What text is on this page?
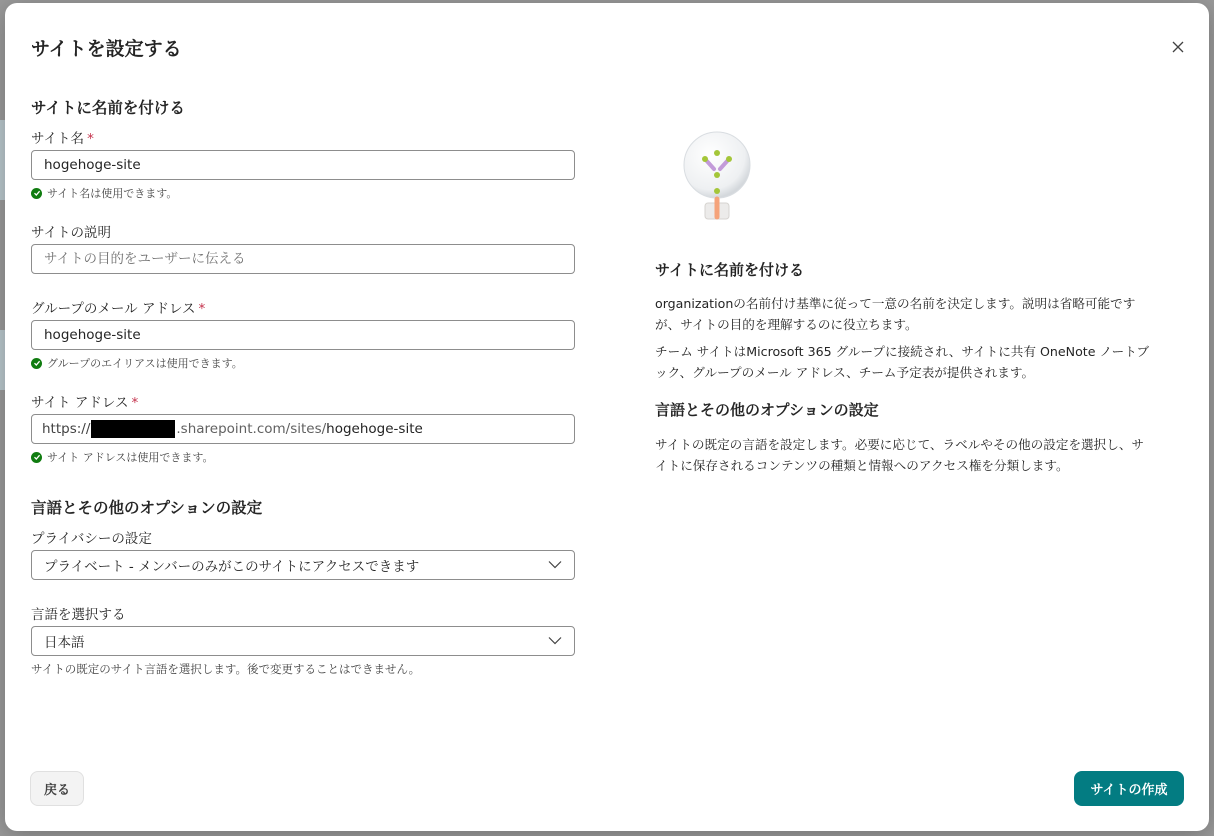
サイトを設定する
サイトに名前を付ける
サイト名 *
hogehoge-site
サイト名は使用できます。
サイトの説明
サイトの目的をユーザーに伝える
グループのメール アドレス *
hogehoge-site
グループのエイリアスは使用できます。
サイト アドレス *
https://	.sharepoint.com/sites/ hogehoge-site
サイト アドレスは使用できます。
言語とその他のオプションの設定
プライバシーの設定
プライベート - メンバーのみがこのサイトにアクセスできます
言語を選択する
日本語
サイトの既定のサイト言語を選択します。後で変更することはできません。
サイトに名前を付ける

organizationの名前付け基準に従って一意の名前を決定します。説明は省略可能ですが、サイトの目的を理解するのに役立ちます。

チーム サイトはMicrosoft 365 グループに接続され、サイトに共有 OneNote ノートブック、グループのメール アドレス、チーム予定表が提供されます。

言語とその他のオプションの設定

サイトの既定の言語を設定します。必要に応じて、ラベルやその他の設定を選択し、サイトに保存されるコンテンツの種類と情報へのアクセス権を分類します。

戻る	サイトの作成
